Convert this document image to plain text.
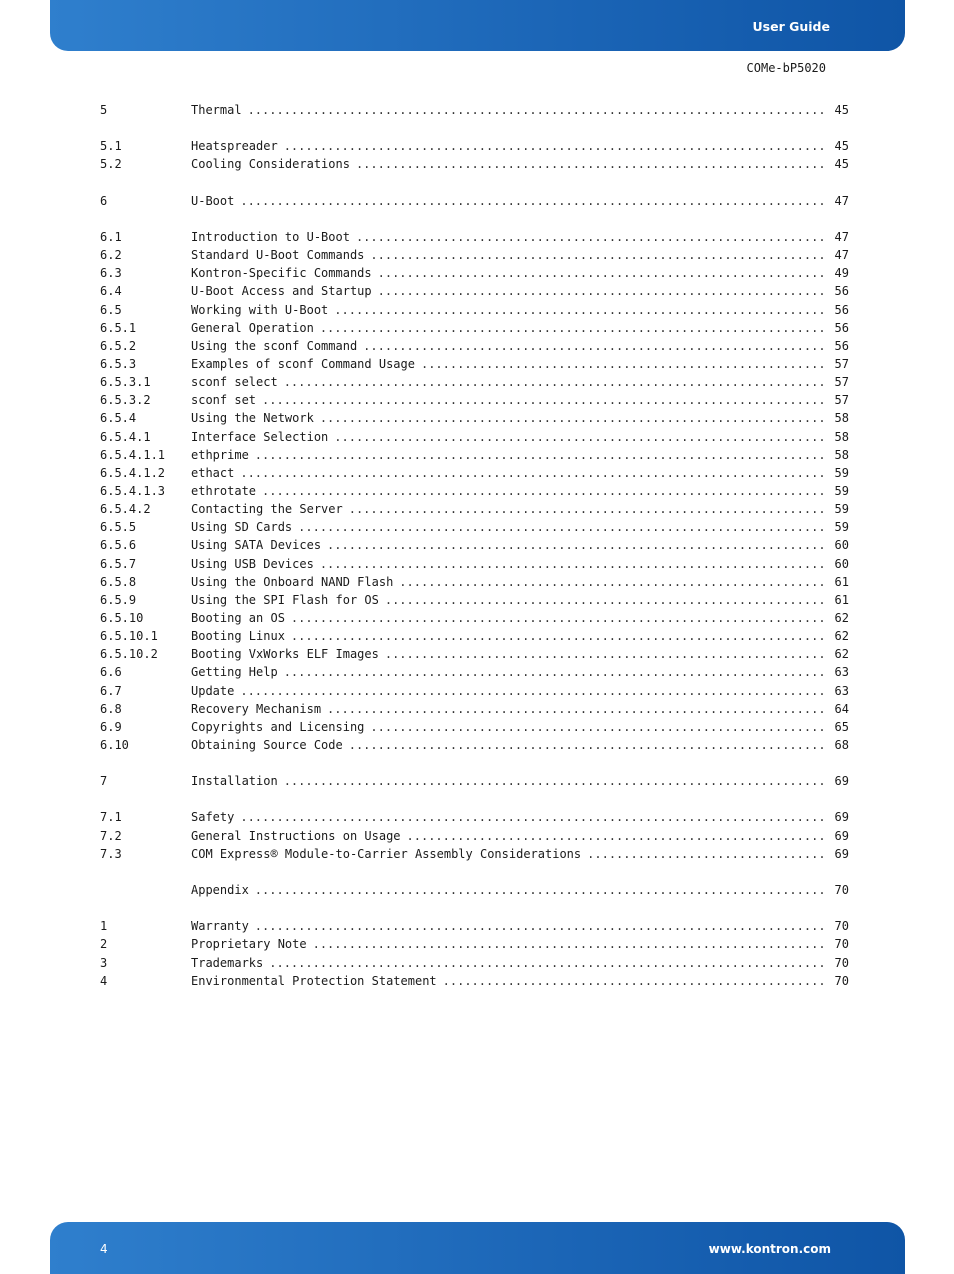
User Guide
COMe-bP5020
5	Thermal .....	45
5.1	Heatspreader .....	45
5.2	Cooling Considerations .....	45
6	U-Boot .....	47
6.1	Introduction to U-Boot .....	47
6.2	Standard U-Boot Commands .....	47
6.3	Kontron-Specific Commands .....	49
6.4	U-Boot Access and Startup .....	56
6.5	Working with U-Boot .....	56
6.5.1	General Operation .....	56
6.5.2	Using the sconf Command .....	56
6.5.3	Examples of sconf Command Usage .....	57
6.5.3.1	sconf select .....	57
6.5.3.2	sconf set .....	57
6.5.4	Using the Network .....	58
6.5.4.1	Interface Selection .....	58
6.5.4.1.1	ethprime .....	58
6.5.4.1.2	ethact .....	59
6.5.4.1.3	ethrotate .....	59
6.5.4.2	Contacting the Server .....	59
6.5.5	Using SD Cards .....	59
6.5.6	Using SATA Devices .....	60
6.5.7	Using USB Devices .....	60
6.5.8	Using the Onboard NAND Flash .....	61
6.5.9	Using the SPI Flash for OS .....	61
6.5.10	Booting an OS .....	62
6.5.10.1	Booting Linux .....	62
6.5.10.2	Booting VxWorks ELF Images .....	62
6.6	Getting Help .....	63
6.7	Update .....	63
6.8	Recovery Mechanism .....	64
6.9	Copyrights and Licensing .....	65
6.10	Obtaining Source Code .....	68
7	Installation .....	69
7.1	Safety .....	69
7.2	General Instructions on Usage .....	69
7.3	COM Express® Module-to-Carrier Assembly Considerations .....	69
Appendix .....	70
1	Warranty .....	70
2	Proprietary Note .....	70
3	Trademarks .....	70
4	Environmental Protection Statement .....	70
4	www.kontron.com
